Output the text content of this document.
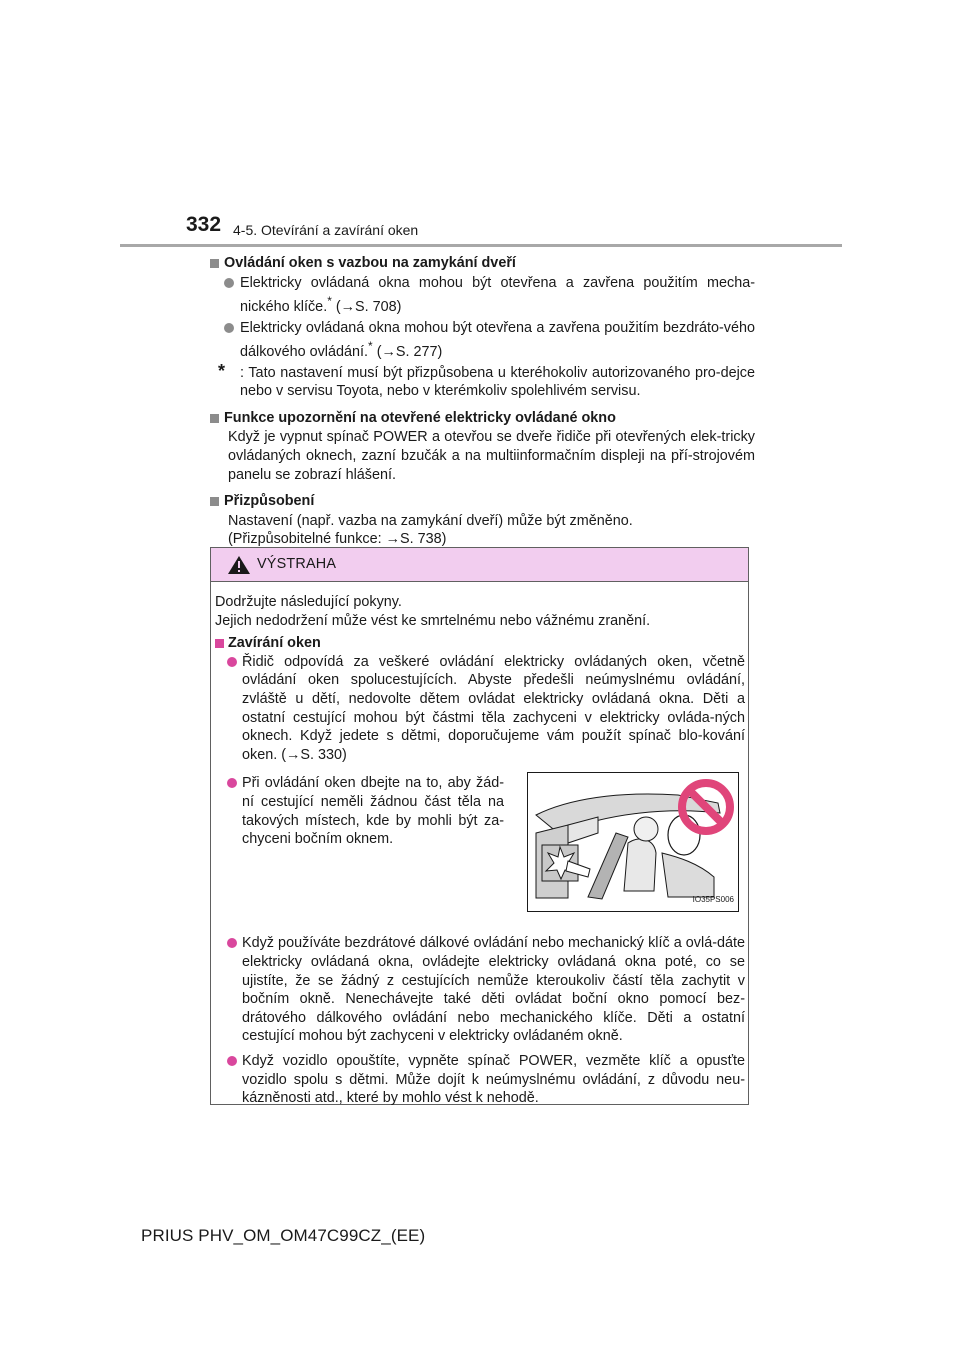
332 4-5. Otevírání a zavírání oken
Ovládání oken s vazbou na zamykání dveří
Elektricky ovládaná okna mohou být otevřena a zavřena použitím mecha-nického klíče.* (→S. 708)
Elektricky ovládaná okna mohou být otevřena a zavřena použitím bezdráto-vého dálkového ovládání.* (→S. 277)
* : Tato nastavení musí být přizpůsobena u kteréhokoliv autorizovaného pro-dejce nebo v servisu Toyota, nebo v kterémkoliv spolehlivém servisu.
Funkce upozornění na otevřené elektricky ovládané okno
Když je vypnut spínač POWER a otevřou se dveře řidiče při otevřených elek-tricky ovládaných oknech, zazní bzučák a na multiinformačním displeji na pří-strojovém panelu se zobrazí hlášení.
Přizpůsobení
Nastavení (např. vazba na zamykání dveří) může být změněno.
(Přizpůsobitelné funkce: →S. 738)
VÝSTRAHA
Dodržujte následující pokyny.
Jejich nedodržení může vést ke smrtelnému nebo vážnému zranění.
Zavírání oken
Řidič odpovídá za veškeré ovládání elektricky ovládaných oken, včetně ovládání oken spolucestujících. Abyste předešli neúmyslnému ovládání, zvláště u dětí, nedovolte dětem ovládat elektricky ovládaná okna. Děti a ostatní cestující mohou být částmi těla zachyceni v elektricky ovláda-ných oknech. Když jedete s dětmi, doporučujeme vám použít spínač blo-kování oken. (→S. 330)
Při ovládání oken dbejte na to, aby žád-ní cestující neměli žádnou část těla na takových místech, kde by mohli být za-chyceni bočním oknem.
IO35PS006
Když používáte bezdrátové dálkové ovládání nebo mechanický klíč a ovlá-dáte elektricky ovládaná okna, ovládejte elektricky ovládaná okna poté, co se ujistíte, že se žádný z cestujících nemůže kteroukoliv částí těla zachytit v bočním okně. Nenechávejte také děti ovládat boční okno pomocí bez-drátového dálkového ovládání nebo mechanického klíče. Děti a ostatní cestující mohou být zachyceni v elektricky ovládaném okně.
Když vozidlo opouštíte, vypněte spínač POWER, vezměte klíč a opusťte vozidlo spolu s dětmi. Může dojít k neúmyslnému ovládání, z důvodu neu-kázněnosti atd., které by mohlo vést k nehodě.
PRIUS PHV_OM_OM47C99CZ_(EE)
